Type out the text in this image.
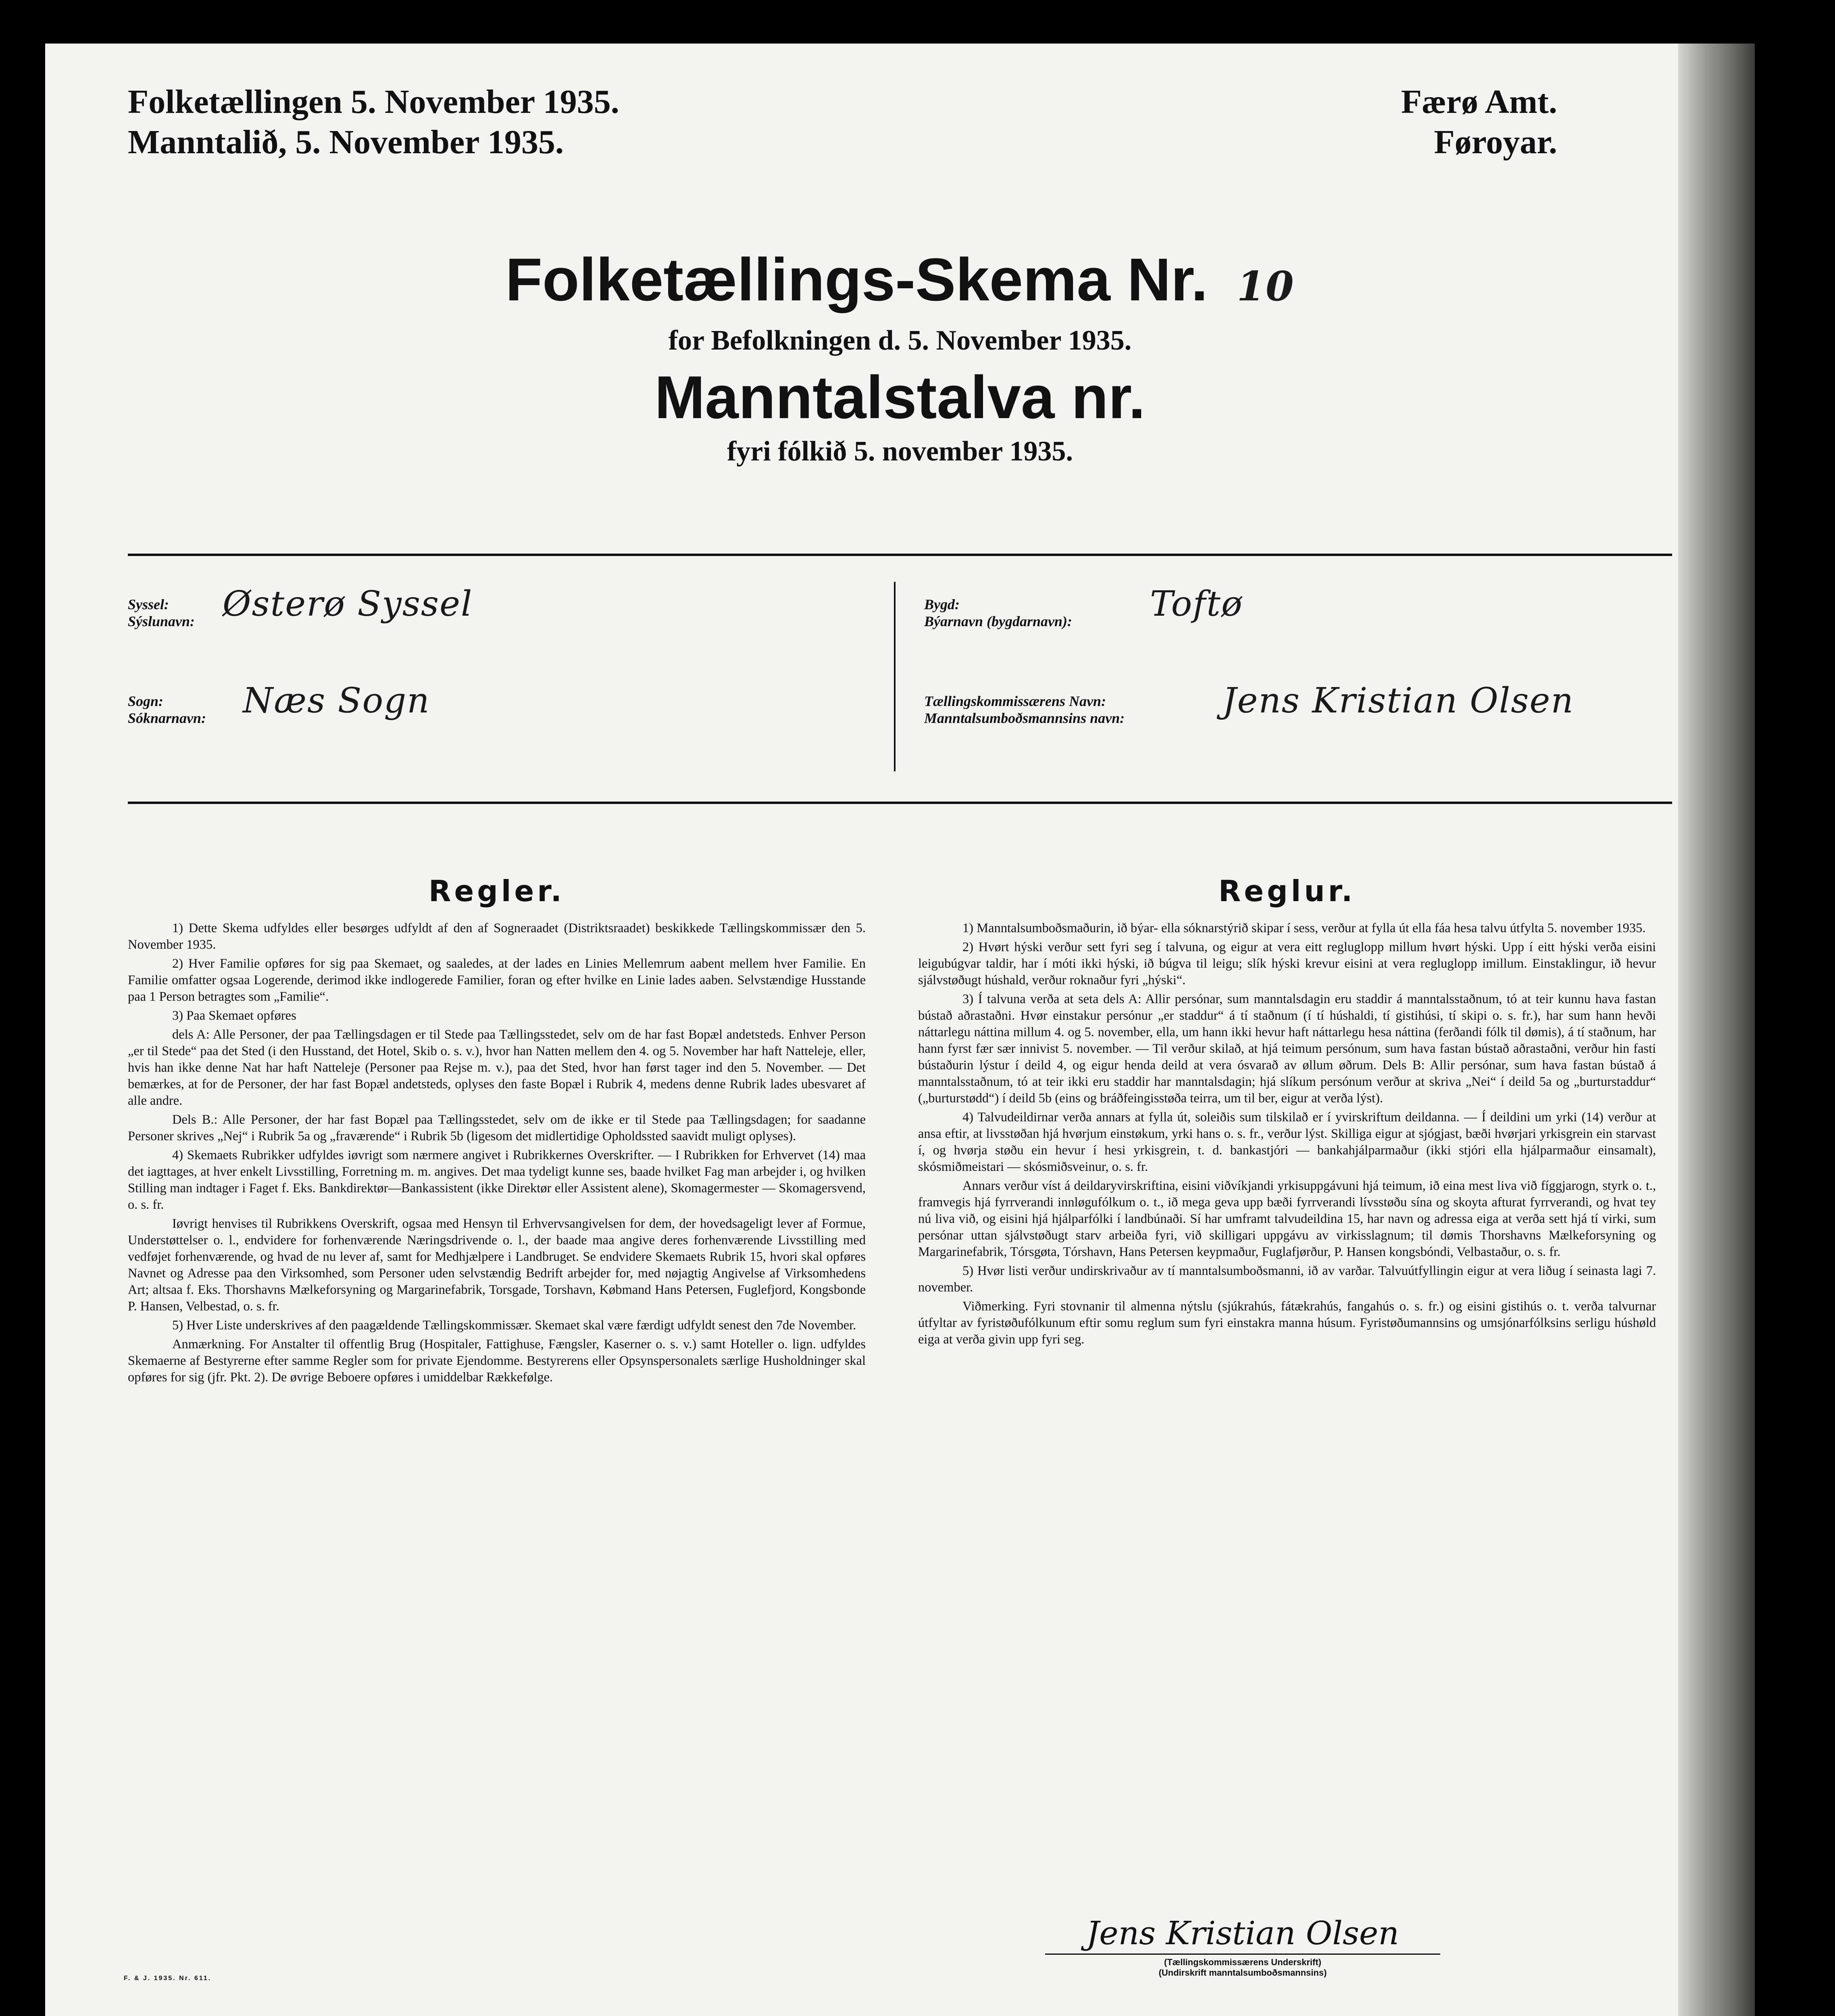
Folketællingen 5. November 1935.
Manntalið, 5. November 1935.
Færø Amt.
Føroyar.
Folketællings-Skema Nr. 10
for Befolkningen d. 5. November 1935.
Manntalstalva nr.
fyri fólkið 5. november 1935.
Syssel:
Sýslunavn: Østerø Syssel
Sogn:
Sóknarnavn: Næs Sogn
Bygd:
Býarnavn (bygdarnavn): Toftø
Tællingskommissærens Navn:
Manntalsumboðsmannsins navn:	Jens Kristian Olsen
Regler.

1) Dette Skema udfyldes eller besørges udfyldt af den af Sogneraadet (Distriktsraadet) beskikkede Tællingskommissær den 5. November 1935.

2) Hver Familie opføres for sig paa Skemaet, og saaledes, at der lades en Linies Mellemrum aabent mellem hver Familie. En Familie omfatter ogsaa Logerende, derimod ikke indlogerede Familier, foran og efter hvilke en Linie lades aaben. Selvstændige Husstande paa 1 Person betragtes som „Familie“.

3) Paa Skemaet opføres

dels A: Alle Personer, der paa Tællingsdagen er til Stede paa Tællingsstedet, selv om de har fast Bopæl andetsteds. Enhver Person „er til Stede“ paa det Sted (i den Husstand, det Hotel, Skib o. s. v.), hvor han Natten mellem den 4. og 5. November har haft Natteleje, eller, hvis han ikke denne Nat har haft Natteleje (Personer paa Rejse m. v.), paa det Sted, hvor han først tager ind den 5. November. — Det bemærkes, at for de Personer, der har fast Bopæl andetsteds, oplyses den faste Bopæl i Rubrik 4, medens denne Rubrik lades ubesvaret af alle andre.

Dels B.: Alle Personer, der har fast Bopæl paa Tællingsstedet, selv om de ikke er til Stede paa Tællingsdagen; for saadanne Personer skrives „Nej“ i Rubrik 5a og „fraværende“ i Rubrik 5b (ligesom det midlertidige Opholdssted saavidt muligt oplyses).

4) Skemaets Rubrikker udfyldes iøvrigt som nærmere angivet i Rubrikkernes Overskrifter. — I Rubrikken for Erhvervet (14) maa det iagttages, at hver enkelt Livsstilling, Forretning m. m. angives. Det maa tydeligt kunne ses, baade hvilket Fag man arbejder i, og hvilken Stilling man indtager i Faget f. Eks. Bankdirektør—Bankassistent (ikke Direktør eller Assistent alene), Skomagermester — Skomagersvend, o. s. fr.

Iøvrigt henvises til Rubrikkens Overskrift, ogsaa med Hensyn til Erhvervsangivelsen for dem, der hovedsageligt lever af Formue, Understøttelser o. l., endvidere for forhenværende Næringsdrivende o. l., der baade maa angive deres forhenværende Livsstilling med vedføjet forhenværende, og hvad de nu lever af, samt for Medhjælpere i Landbruget. Se endvidere Skemaets Rubrik 15, hvori skal opføres Navnet og Adresse paa den Virksomhed, som Personer uden selvstændig Bedrift arbejder for, med nøjagtig Angivelse af Virksomhedens Art; altsaa f. Eks. Thorshavns Mælkeforsyning og Margarinefabrik, Torsgade, Torshavn, Købmand Hans Petersen, Fuglefjord, Kongsbonde P. Hansen, Velbestad, o. s. fr.

5) Hver Liste underskrives af den paagældende Tællingskommissær. Skemaet skal være færdigt udfyldt senest den 7de November.

Anmærkning. For Anstalter til offentlig Brug (Hospitaler, Fattighuse, Fængsler, Kaserner o. s. v.) samt Hoteller o. lign. udfyldes Skemaerne af Bestyrerne efter samme Regler som for private Ejendomme. Bestyrerens eller Opsynspersonalets særlige Husholdninger skal opføres for sig (jfr. Pkt. 2). De øvrige Beboere opføres i umiddelbar Rækkefølge.

Reglur.

1) Manntalsumboðsmaðurin, ið býar- ella sóknarstýrið skipar í sess, verður at fylla út ella fáa hesa talvu útfylta 5. november 1935.

2) Hvørt hýski verður sett fyri seg í talvuna, og eigur at vera eitt regluglopp millum hvørt hýski. Upp í eitt hýski verða eisini leigubúgvar taldir, har í móti ikki hýski, ið búgva til leigu; slík hýski krevur eisini at vera regluglopp imillum. Einstaklingur, ið hevur sjálvstøðugt húshald, verður roknaður fyri „hýski“.

3) Í talvuna verða at seta dels A: Allir persónar, sum manntalsdagin eru staddir á manntalsstaðnum, tó at teir kunnu hava fastan bústað aðrastaðni. Hvør einstakur persónur „er staddur“ á tí staðnum (í tí húshaldi, tí gistihúsi, tí skipi o. s. fr.), har sum hann hevði náttarlegu náttina millum 4. og 5. november, ella, um hann ikki hevur haft náttarlegu hesa náttina (ferðandi fólk til dømis), á tí staðnum, har hann fyrst fær sær innivist 5. november. — Til verður skilað, at hjá teimum persónum, sum hava fastan bústað aðrastaðni, verður hin fasti bústaðurin lýstur í deild 4, og eigur henda deild at vera ósvarað av øllum øðrum. Dels B: Allir persónar, sum hava fastan bústað á manntalsstaðnum, tó at teir ikki eru staddir har manntalsdagin; hjá slíkum persónum verður at skriva „Nei“ í deild 5a og „burturstaddur“ („burturstødd“) í deild 5b (eins og bráðfeingisstøða teirra, um til ber, eigur at verða lýst).

4) Talvudeildirnar verða annars at fylla út, soleiðis sum tilskilað er í yvirskriftum deildanna. — Í deildini um yrki (14) verður at ansa eftir, at livsstøðan hjá hvørjum einstøkum, yrki hans o. s. fr., verður lýst. Skilliga eigur at sjógjast, bæði hvørjari yrkisgrein ein starvast í, og hvørja støðu ein hevur í hesi yrkisgrein, t. d. bankastjóri — bankahjálparmaður (ikki stjóri ella hjálparmaður einsamalt), skósmiðmeistari — skósmiðsveinur, o. s. fr.

Annars verður víst á deildaryvirskriftina, eisini viðvíkjandi yrkisuppgávuni hjá teimum, ið eina mest liva við fíggjarogn, styrk o. t., framvegis hjá fyrrverandi innløgufólkum o. t., ið mega geva upp bæði fyrrverandi lívsstøðu sína og skoyta afturat fyrrverandi, og hvat tey nú liva við, og eisini hjá hjálparfólki í landbúnaði. Sí har umframt talvudeildina 15, har navn og adressa eiga at verða sett hjá tí virki, sum persónar uttan sjálvstøðugt starv arbeiða fyri, við skilligari uppgávu av virkisslagnum; til dømis Thorshavns Mælkeforsyning og Margarinefabrik, Tórsgøta, Tórshavn, Hans Petersen keypmaður, Fuglafjørður, P. Hansen kongsbóndi, Velbastaður, o. s. fr.

5) Hvør listi verður undirskrivaður av tí manntalsumboðsmanni, ið av varðar. Talvuútfyllingin eigur at vera liðug í seinasta lagi 7. november.

Viðmerking. Fyri stovnanir til almenna nýtslu (sjúkrahús, fátækrahús, fangahús o. s. fr.) og eisini gistihús o. t. verða talvurnar útfyltar av fyristøðufólkunum eftir somu reglum sum fyri einstakra manna húsum. Fyristøðumannsins og umsjónarfólksins serligu húshøld eiga at verða givin upp fyri seg.

Jens Kristian Olsen
(Tællingskommissærens Underskrift)
(Undirskrift manntalsumboðsmannsins)
F. & J. 1935. Nr. 611.
